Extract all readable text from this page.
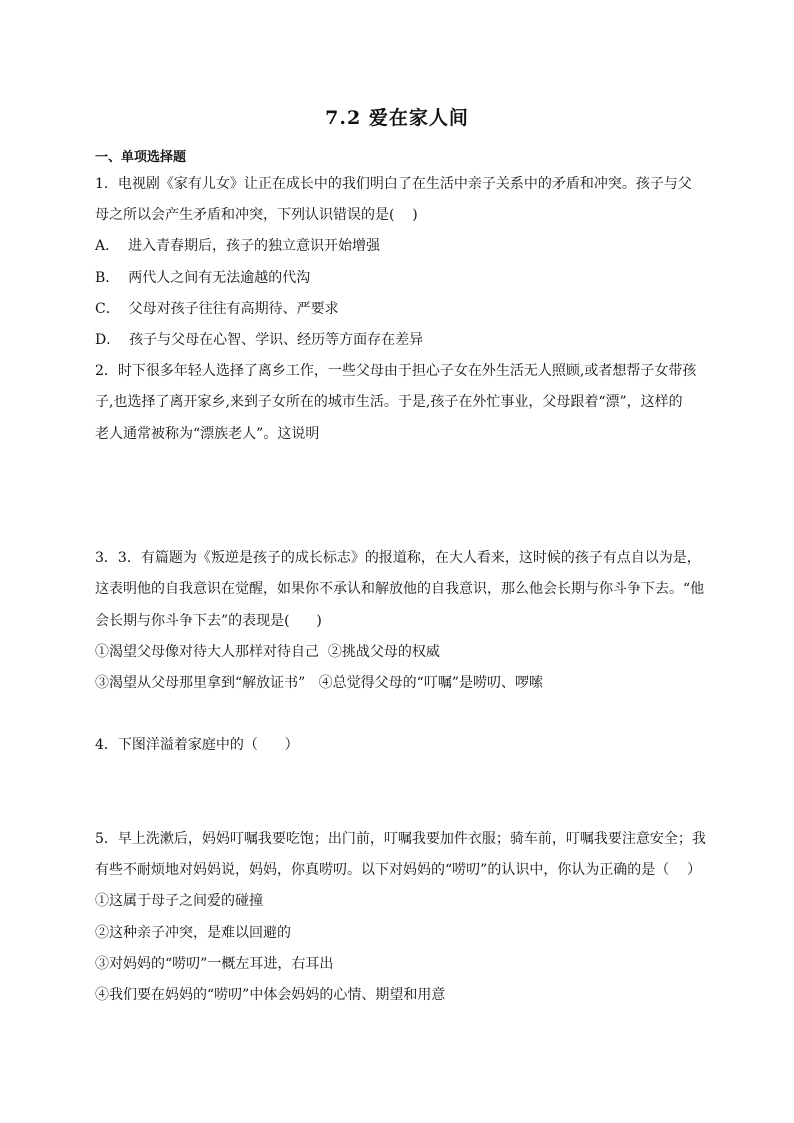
7.2 爱在家人间
一、单项选择题
1．电视剧《家有儿女》让正在成长中的我们明白了在生活中亲子关系中的矛盾和冲突。孩子与父
母之所以会产生矛盾和冲突，下列认识错误的是(    )
A．  进入青春期后，孩子的独立意识开始增强
B．  两代人之间有无法逾越的代沟
C．  父母对孩子往往有高期待、严要求
D．  孩子与父母在心智、学识、经历等方面存在差异
2．时下很多年轻人选择了离乡工作，一些父母由于担心子女在外生活无人照顾,或者想帮子女带孩
子,也选择了离开家乡,来到子女所在的城市生活。于是,孩子在外忙事业，父母跟着“漂”，这样的
老人通常被称为“漂族老人”。这说明

3．3．有篇题为《叛逆是孩子的成长标志》的报道称，在大人看来，这时候的孩子有点自以为是，
这表明他的自我意识在觉醒，如果你不承认和解放他的自我意识，那么他会长期与你斗争下去。“他
会长期与你斗争下去”的表现是(      )
①渴望父母像对待大人那样对待自己  ②挑战父母的权威
③渴望从父母那里拿到“解放证书”   ④总觉得父母的“叮嘱”是唠叨、啰嗦

4．下图洋溢着家庭中的（      ）

5．早上洗漱后，妈妈叮嘱我要吃饱；出门前，叮嘱我要加件衣服；骑车前，叮嘱我要注意安全；我
有些不耐烦地对妈妈说，妈妈，你真唠叨。以下对妈妈的“唠叨”的认识中，你认为正确的是（    ）
①这属于母子之间爱的碰撞
②这种亲子冲突，是难以回避的
③对妈妈的“唠叨”一概左耳进，右耳出
④我们要在妈妈的“唠叨”中体会妈妈的心情、期望和用意
